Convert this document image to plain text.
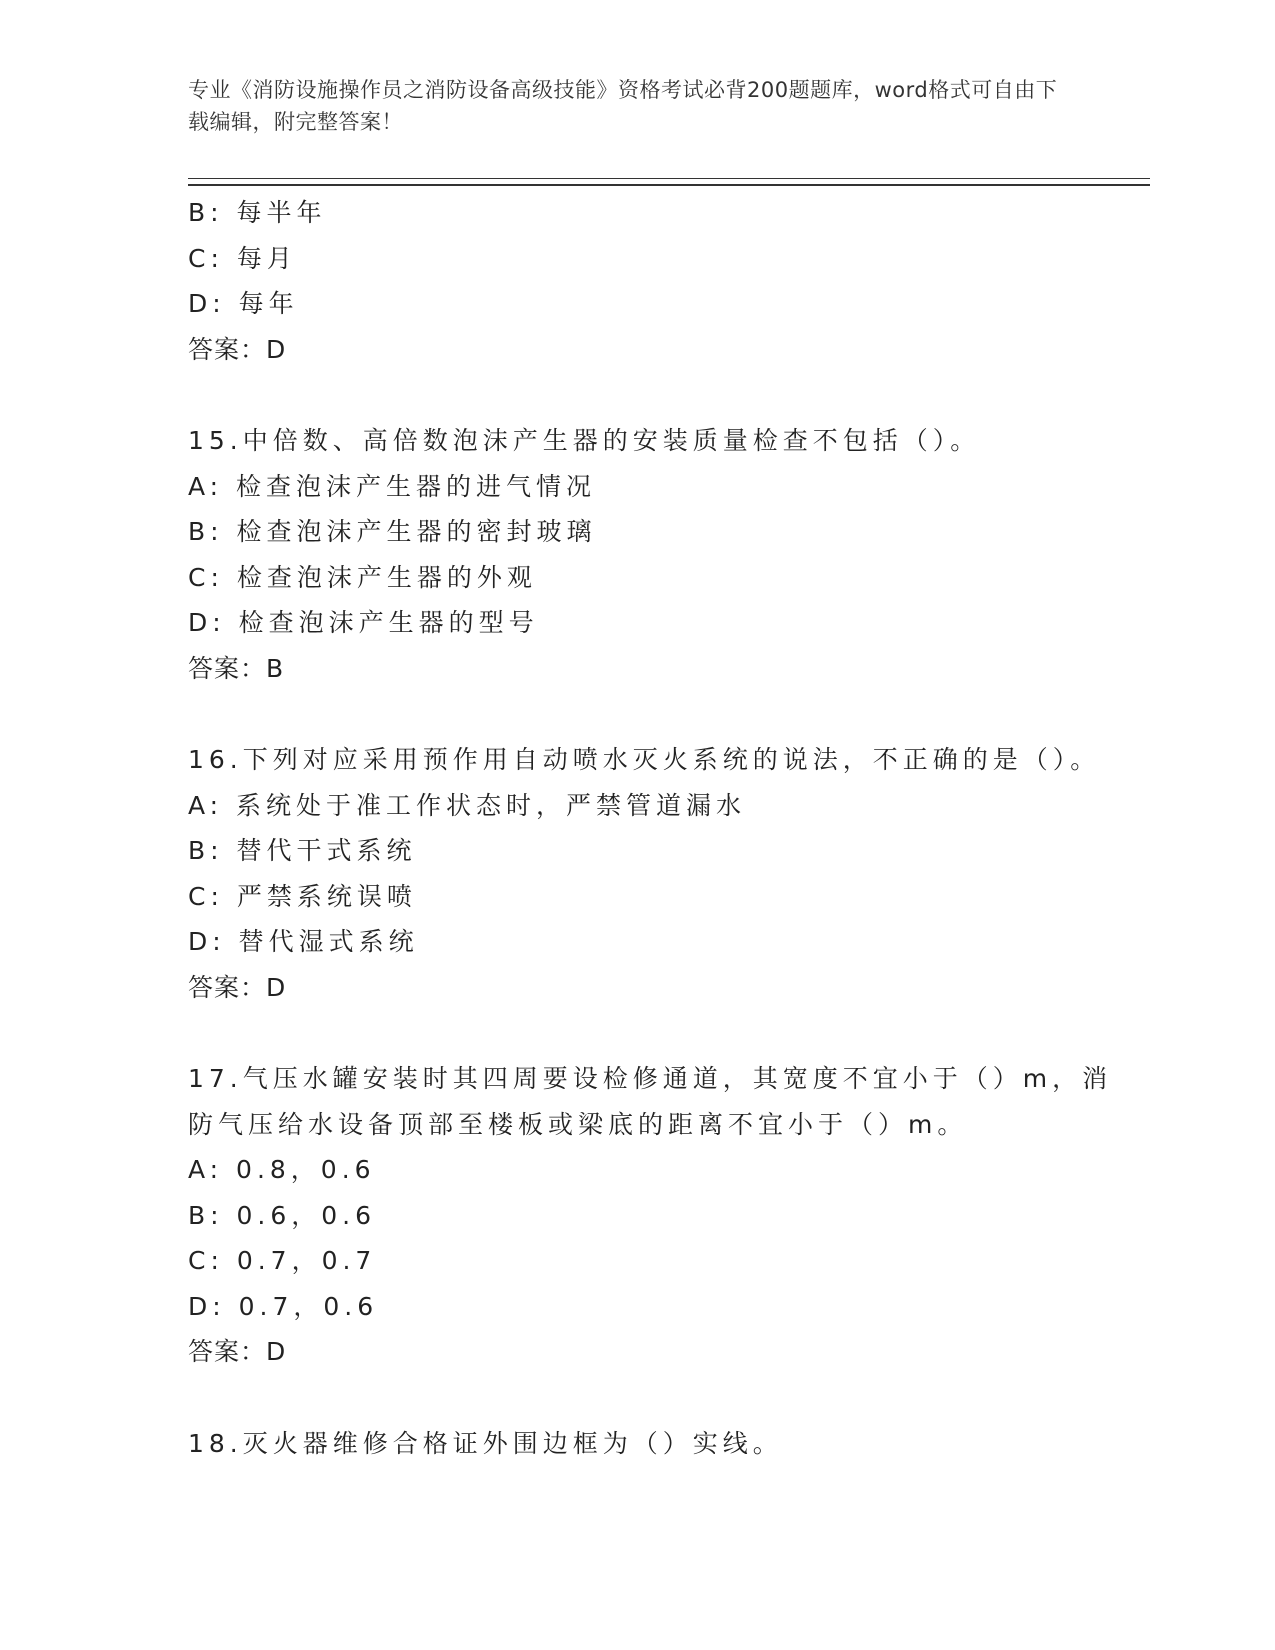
专业《消防设施操作员之消防设备高级技能》资格考试必背200题题库，word格式可自由下载编辑，附完整答案！
B: 每半年
C: 每月
D: 每年
答案：D
15.中倍数、高倍数泡沫产生器的安装质量检查不包括（）。
A: 检查泡沫产生器的进气情况
B: 检查泡沫产生器的密封玻璃
C: 检查泡沫产生器的外观
D: 检查泡沫产生器的型号
答案：B
16.下列对应采用预作用自动喷水灭火系统的说法，不正确的是（）。
A: 系统处于准工作状态时，严禁管道漏水
B: 替代干式系统
C: 严禁系统误喷
D: 替代湿式系统
答案：D
17.气压水罐安装时其四周要设检修通道，其宽度不宜小于（）m，消
防气压给水设备顶部至楼板或梁底的距离不宜小于（）m。
A: 0.8，0.6
B: 0.6，0.6
C: 0.7，0.7
D: 0.7，0.6
答案：D
18.灭火器维修合格证外围边框为（）实线。
